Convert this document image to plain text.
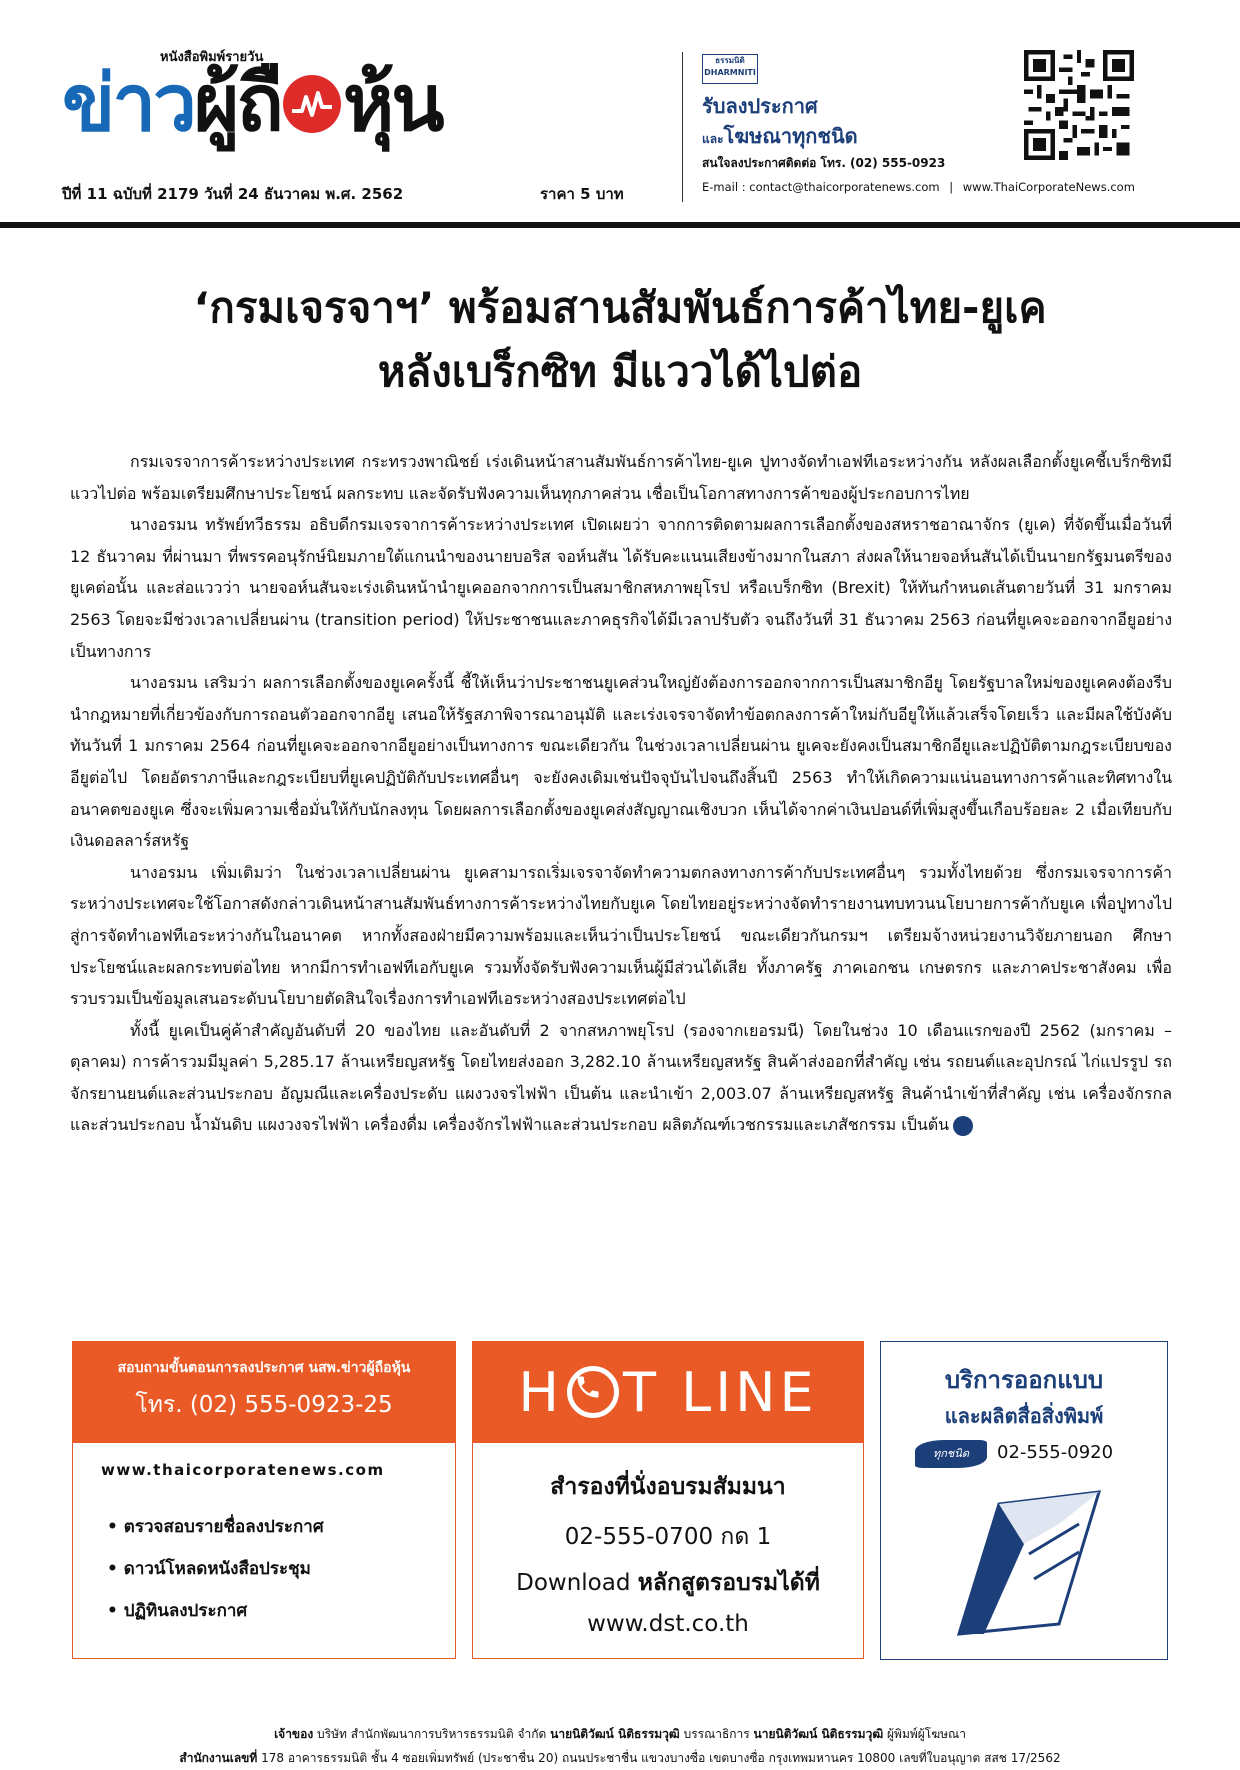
หนังสือพิมพ์รายวัน
ข่าว ผู้ถื หุ้น
ปีที่ 11 ฉบับที่ 2179 วันที่ 24 ธันวาคม พ.ศ. 2562	ราคา 5 บาท
ธรรมนิติ DHARMNITI
รับลงประกาศ
และโฆษณาทุกชนิด
สนใจลงประกาศติดต่อ โทร. (02) 555-0923
E-mail : contact@thaicorporatenews.com | www.ThaiCorporateNews.com
‘กรมเจรจาฯ’ พร้อมสานสัมพันธ์การค้าไทย-ยูเค
หลังเบร็กซิท มีแววได้ไปต่อ

กรมเจรจาการค้าระหว่างประเทศ กระทรวงพาณิชย์ เร่งเดินหน้าสานสัมพันธ์การค้าไทย-ยูเค ปูทางจัดทำเอฟทีเอระหว่างกัน หลังผลเลือกตั้งยูเคชี้เบร็กซิทมีแววไปต่อ พร้อมเตรียมศึกษาประโยชน์ ผลกระทบ และจัดรับฟังความเห็นทุกภาคส่วน เชื่อเป็นโอกาสทางการค้าของผู้ประกอบการไทย

นางอรมน ทรัพย์ทวีธรรม อธิบดีกรมเจรจาการค้าระหว่างประเทศ เปิดเผยว่า จากการติดตามผลการเลือกตั้งของสหราชอาณาจักร (ยูเค) ที่จัดขึ้นเมื่อวันที่ 12 ธันวาคม ที่ผ่านมา ที่พรรคอนุรักษ์นิยมภายใต้แกนนำของนายบอริส จอห์นสัน ได้รับคะแนนเสียงข้างมากในสภา ส่งผลให้นายจอห์นสันได้เป็นนายกรัฐมนตรีของยูเคต่อนั้น และส่อแววว่า นายจอห์นสันจะเร่งเดินหน้านำยูเคออกจากการเป็นสมาชิกสหภาพยุโรป หรือเบร็กซิท (Brexit) ให้ทันกำหนดเส้นตายวันที่ 31 มกราคม 2563 โดยจะมีช่วงเวลาเปลี่ยนผ่าน (transition period) ให้ประชาชนและภาคธุรกิจได้มีเวลาปรับตัว จนถึงวันที่ 31 ธันวาคม 2563 ก่อนที่ยูเคจะออกจากอียูอย่างเป็นทางการ

นางอรมน เสริมว่า ผลการเลือกตั้งของยูเคครั้งนี้ ชี้ให้เห็นว่าประชาชนยูเคส่วนใหญ่ยังต้องการออกจากการเป็นสมาชิกอียู โดยรัฐบาลใหม่ของยูเคคงต้องรีบนำกฎหมายที่เกี่ยวข้องกับการถอนตัวออกจากอียู เสนอให้รัฐสภาพิจารณาอนุมัติ และเร่งเจรจาจัดทำข้อตกลงการค้าใหม่กับอียูให้แล้วเสร็จโดยเร็ว และมีผลใช้บังคับทันวันที่ 1 มกราคม 2564 ก่อนที่ยูเคจะออกจากอียูอย่างเป็นทางการ ขณะเดียวกัน ในช่วงเวลาเปลี่ยนผ่าน ยูเคจะยังคงเป็นสมาชิกอียูและปฏิบัติตามกฎระเบียบของอียูต่อไป โดยอัตราภาษีและกฎระเบียบที่ยูเคปฏิบัติกับประเทศอื่นๆ จะยังคงเดิมเช่นปัจจุบันไปจนถึงสิ้นปี 2563 ทำให้เกิดความแน่นอนทางการค้าและทิศทางในอนาคตของยูเค ซึ่งจะเพิ่มความเชื่อมั่นให้กับนักลงทุน โดยผลการเลือกตั้งของยูเคส่งสัญญาณเชิงบวก เห็นได้จากค่าเงินปอนด์ที่เพิ่มสูงขึ้นเกือบร้อยละ 2 เมื่อเทียบกับเงินดอลลาร์สหรัฐ

นางอรมน เพิ่มเติมว่า ในช่วงเวลาเปลี่ยนผ่าน ยูเคสามารถเริ่มเจรจาจัดทำความตกลงทางการค้ากับประเทศอื่นๆ รวมทั้งไทยด้วย ซึ่งกรมเจรจาการค้าระหว่างประเทศจะใช้โอกาสดังกล่าวเดินหน้าสานสัมพันธ์ทางการค้าระหว่างไทยกับยูเค โดยไทยอยู่ระหว่างจัดทำรายงานทบทวนนโยบายการค้ากับยูเค เพื่อปูทางไปสู่การจัดทำเอฟทีเอระหว่างกันในอนาคต หากทั้งสองฝ่ายมีความพร้อมและเห็นว่าเป็นประโยชน์ ขณะเดียวกันกรมฯ เตรียมจ้างหน่วยงานวิจัยภายนอก ศึกษาประโยชน์และผลกระทบต่อไทย หากมีการทำเอฟทีเอกับยูเค รวมทั้งจัดรับฟังความเห็นผู้มีส่วนได้เสีย ทั้งภาครัฐ ภาคเอกชน เกษตรกร และภาคประชาสังคม เพื่อรวบรวมเป็นข้อมูลเสนอระดับนโยบายตัดสินใจเรื่องการทำเอฟทีเอระหว่างสองประเทศต่อไป

ทั้งนี้ ยูเคเป็นคู่ค้าสำคัญอันดับที่ 20 ของไทย และอันดับที่ 2 จากสหภาพยุโรป (รองจากเยอรมนี) โดยในช่วง 10 เดือนแรกของปี 2562 (มกราคม – ตุลาคม) การค้ารวมมีมูลค่า 5,285.17 ล้านเหรียญสหรัฐ โดยไทยส่งออก 3,282.10 ล้านเหรียญสหรัฐ สินค้าส่งออกที่สำคัญ เช่น รถยนต์และอุปกรณ์ ไก่แปรรูป รถจักรยานยนต์และส่วนประกอบ อัญมณีและเครื่องประดับ แผงวงจรไฟฟ้า เป็นต้น และนำเข้า 2,003.07 ล้านเหรียญสหรัฐ สินค้านำเข้าที่สำคัญ เช่น เครื่องจักรกลและส่วนประกอบ น้ำมันดิบ แผงวงจรไฟฟ้า เครื่องดื่ม เครื่องจักรไฟฟ้าและส่วนประกอบ ผลิตภัณฑ์เวชกรรมและเภสัชกรรม เป็นต้น

สอบถามขั้นตอนการลงประกาศ นสพ.ข่าวผู้ถือหุ้น
โทร. (02) 555-0923-25
www.thaicorporatenews.com
• ตรวจสอบรายชื่อลงประกาศ
• ดาวน์โหลดหนังสือประชุม
• ปฏิทินลงประกาศ
H T LINE
สำรองที่นั่งอบรมสัมมนา
02-555-0700 กด 1
Download หลักสูตรอบรมได้ที่
www.dst.co.th
บริการออกแบบ
และผลิตสื่อสิ่งพิมพ์
ทุกชนิด	02-555-0920
เจ้าของ บริษัท สำนักพัฒนาการบริหารธรรมนิติ จำกัด นายนิติวัฒน์ นิติธรรมวุฒิ บรรณาธิการ นายนิติวัฒน์ นิติธรรมวุฒิ ผู้พิมพ์ผู้โฆษณา
สำนักงานเลขที่ 178 อาคารธรรมนิติ ชั้น 4 ซอยเพิ่มทรัพย์ (ประชาชื่น 20) ถนนประชาชื่น แขวงบางซื่อ เขตบางซื่อ กรุงเทพมหานคร 10800 เลขที่ใบอนุญาต สสช 17/2562
